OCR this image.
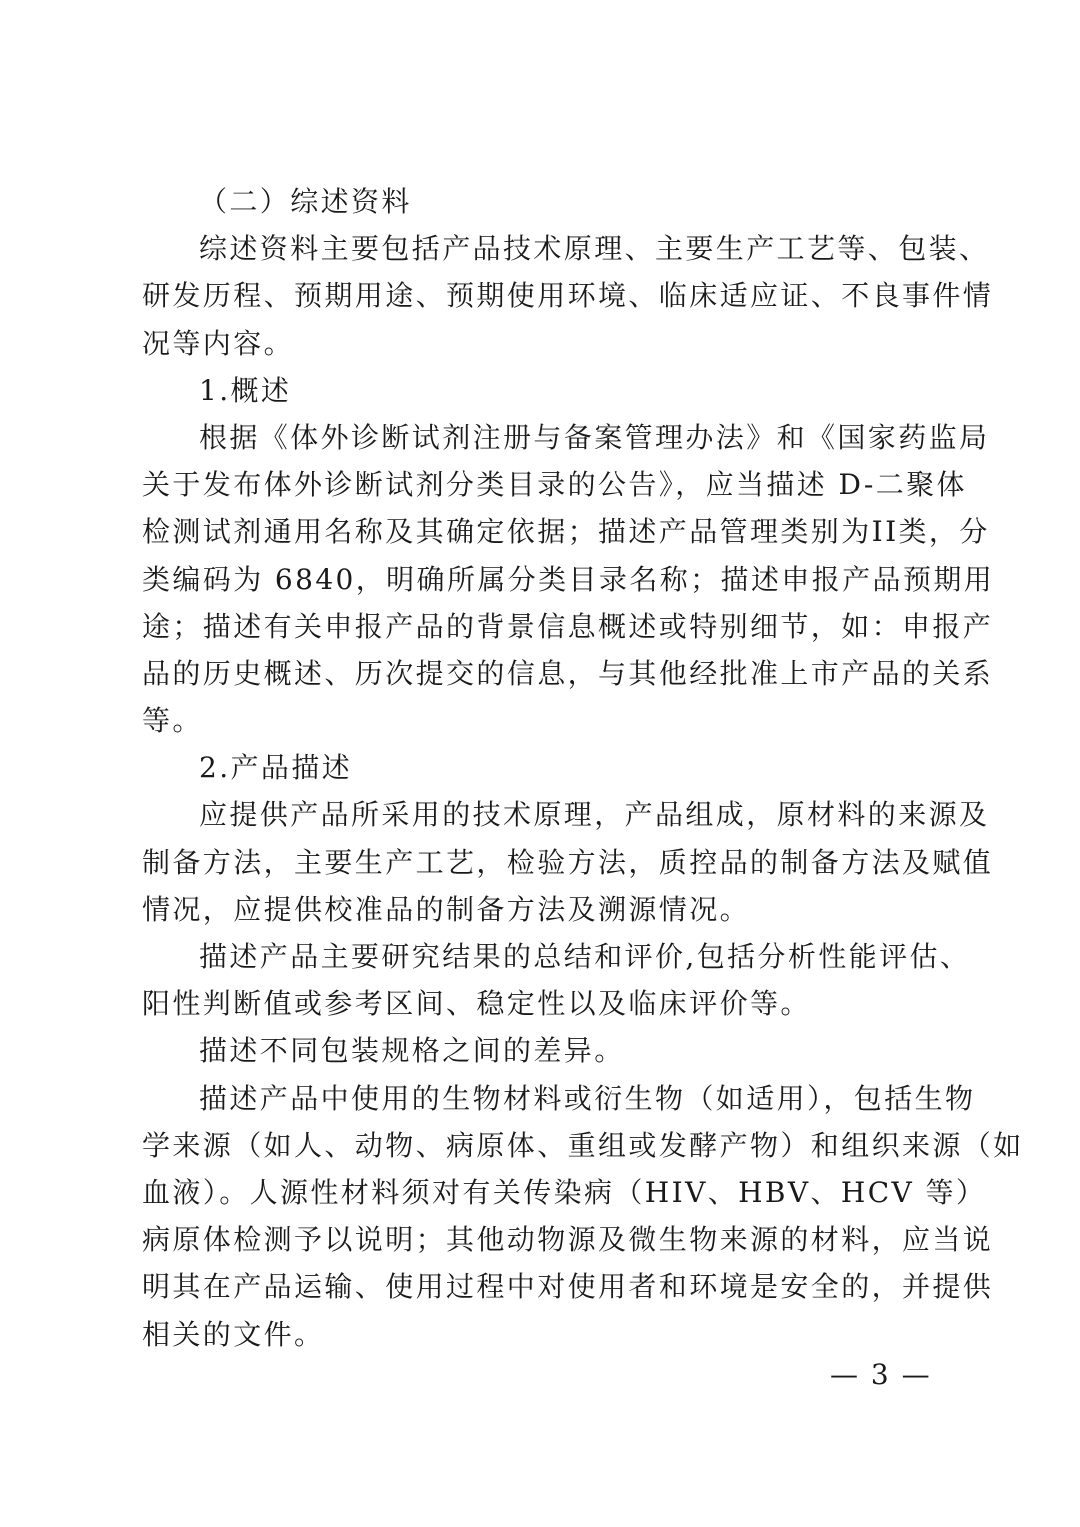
（二）综述资料
综述资料主要包括产品技术原理、主要生产工艺等、包装、
研发历程、预期用途、预期使用环境、临床适应证、不良事件情
况等内容。
1.概述
根据《体外诊断试剂注册与备案管理办法》和《国家药监局
关于发布体外诊断试剂分类目录的公告》，应当描述 D-二聚体
检测试剂通用名称及其确定依据；描述产品管理类别为II类，分
类编码为 6840，明确所属分类目录名称；描述申报产品预期用
途；描述有关申报产品的背景信息概述或特别细节，如：申报产
品的历史概述、历次提交的信息，与其他经批准上市产品的关系
等。
2.产品描述
应提供产品所采用的技术原理，产品组成，原材料的来源及
制备方法，主要生产工艺，检验方法，质控品的制备方法及赋值
情况，应提供校准品的制备方法及溯源情况。
描述产品主要研究结果的总结和评价,包括分析性能评估、
阳性判断值或参考区间、稳定性以及临床评价等。
描述不同包装规格之间的差异。
描述产品中使用的生物材料或衍生物（如适用），包括生物
学来源（如人、动物、病原体、重组或发酵产物）和组织来源（如
血液）。人源性材料须对有关传染病（HIV、HBV、HCV 等）
病原体检测予以说明；其他动物源及微生物来源的材料，应当说
明其在产品运输、使用过程中对使用者和环境是安全的，并提供
相关的文件。
— 3 —
